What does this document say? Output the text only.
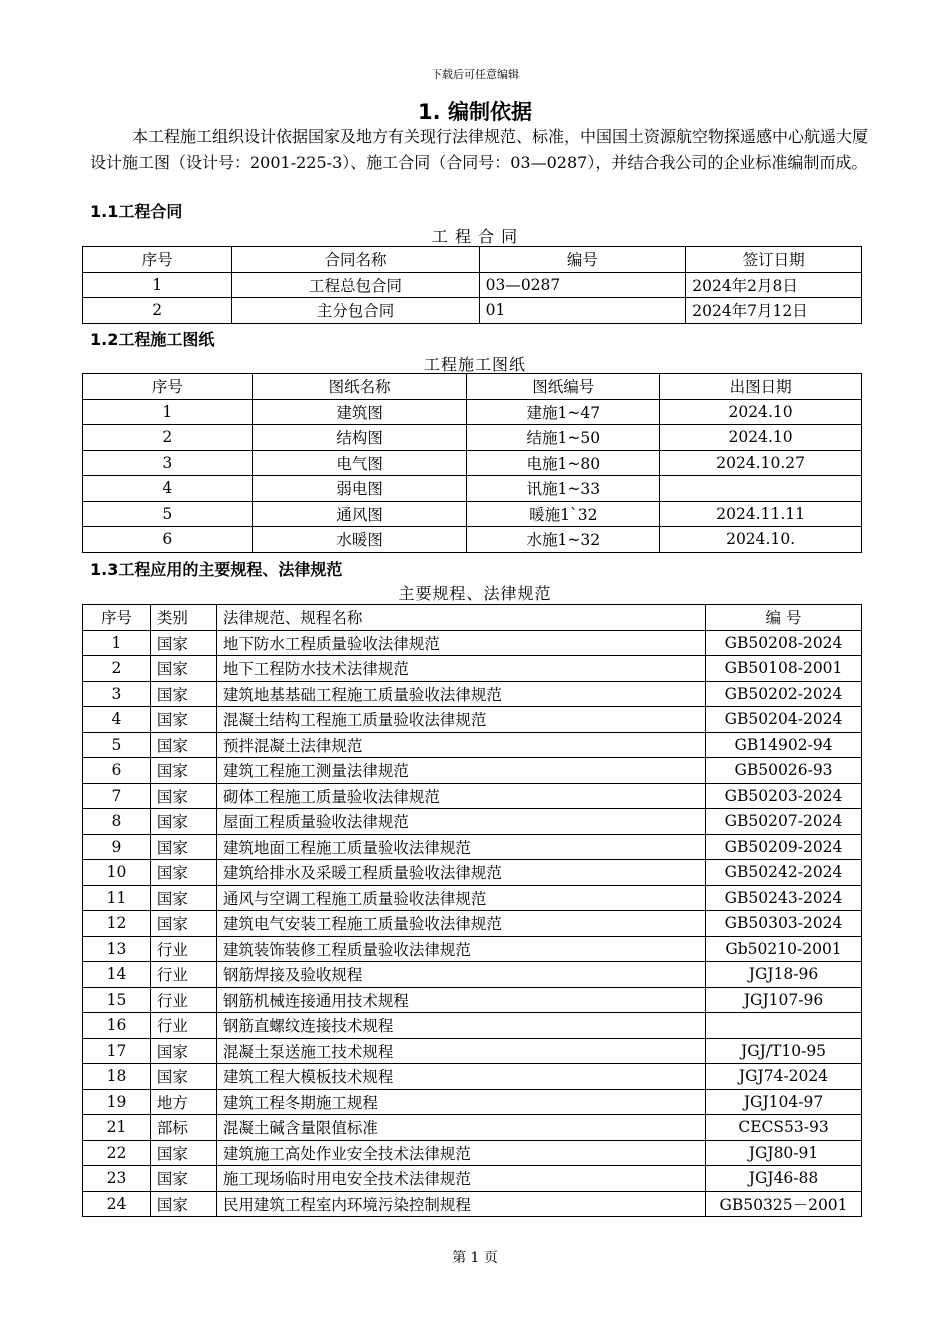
下载后可任意编辑
1. 编制依据
本工程施工组织设计依据国家及地方有关现行法律规范、标准，中国国土资源航空物探遥感中心航遥大厦设计施工图（设计号：2001-225-3）、施工合同（合同号：03—0287），并结合我公司的企业标准编制而成。
1.1工程合同
工 程 合 同
序号	合同名称	编号	签订日期
1	工程总包合同	03—0287	2024年2月8日
2	主分包合同	01	2024年7月12日
1.2工程施工图纸
工程施工图纸
序号	图纸名称	图纸编号	出图日期
1	建筑图	建施1~47	2024.10
2	结构图	结施1~50	2024.10
3	电气图	电施1~80	2024.10.27
4	弱电图	讯施1~33	
5	通风图	暖施1`32	2024.11.11
6	水暖图	水施1~32	2024.10.
1.3工程应用的主要规程、法律规范
主要规程、法律规范
序号	类别	法律规范、规程名称	编 号
1	国家	地下防水工程质量验收法律规范	GB50208-2024
2	国家	地下工程防水技术法律规范	GB50108-2001
3	国家	建筑地基基础工程施工质量验收法律规范	GB50202-2024
4	国家	混凝土结构工程施工质量验收法律规范	GB50204-2024
5	国家	预拌混凝土法律规范	GB14902-94
6	国家	建筑工程施工测量法律规范	GB50026-93
7	国家	砌体工程施工质量验收法律规范	GB50203-2024
8	国家	屋面工程质量验收法律规范	GB50207-2024
9	国家	建筑地面工程施工质量验收法律规范	GB50209-2024
10	国家	建筑给排水及采暖工程质量验收法律规范	GB50242-2024
11	国家	通风与空调工程施工质量验收法律规范	GB50243-2024
12	国家	建筑电气安装工程施工质量验收法律规范	GB50303-2024
13	行业	建筑装饰装修工程质量验收法律规范	Gb50210-2001
14	行业	钢筋焊接及验收规程	JGJ18-96
15	行业	钢筋机械连接通用技术规程	JGJ107-96
16	行业	钢筋直螺纹连接技术规程	
17	国家	混凝土泵送施工技术规程	JGJ/T10-95
18	国家	建筑工程大模板技术规程	JGJ74-2024
19	地方	建筑工程冬期施工规程	JGJ104-97
21	部标	混凝土碱含量限值标准	CECS53-93
22	国家	建筑施工高处作业安全技术法律规范	JGJ80-91
23	国家	施工现场临时用电安全技术法律规范	JGJ46-88
24	国家	民用建筑工程室内环境污染控制规程	GB50325－2001
第 1 页
